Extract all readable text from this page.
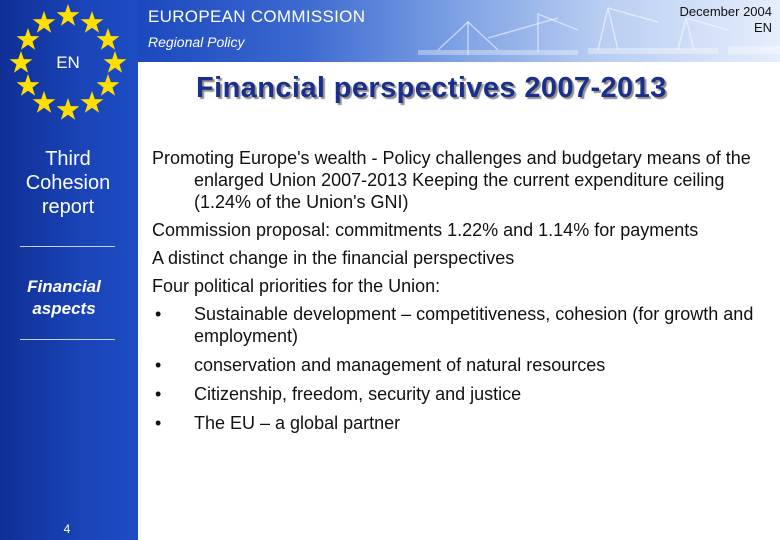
EN
Third Cohesion report
Financial aspects
4
EUROPEAN COMMISSION
Regional Policy
December 2004
EN
Financial perspectives 2007-2013

Promoting Europe's wealth - Policy challenges and budgetary means of the enlarged Union 2007-2013 Keeping the current expenditure ceiling (1.24% of the Union's GNI)

Commission proposal: commitments 1.22% and 1.14% for payments

A distinct change in the financial perspectives

Four political priorities for the Union:

•	Sustainable development – competitiveness, cohesion (for growth and employment)
•	conservation and management of natural resources
•	Citizenship, freedom, security and justice
•	The EU – a global partner
